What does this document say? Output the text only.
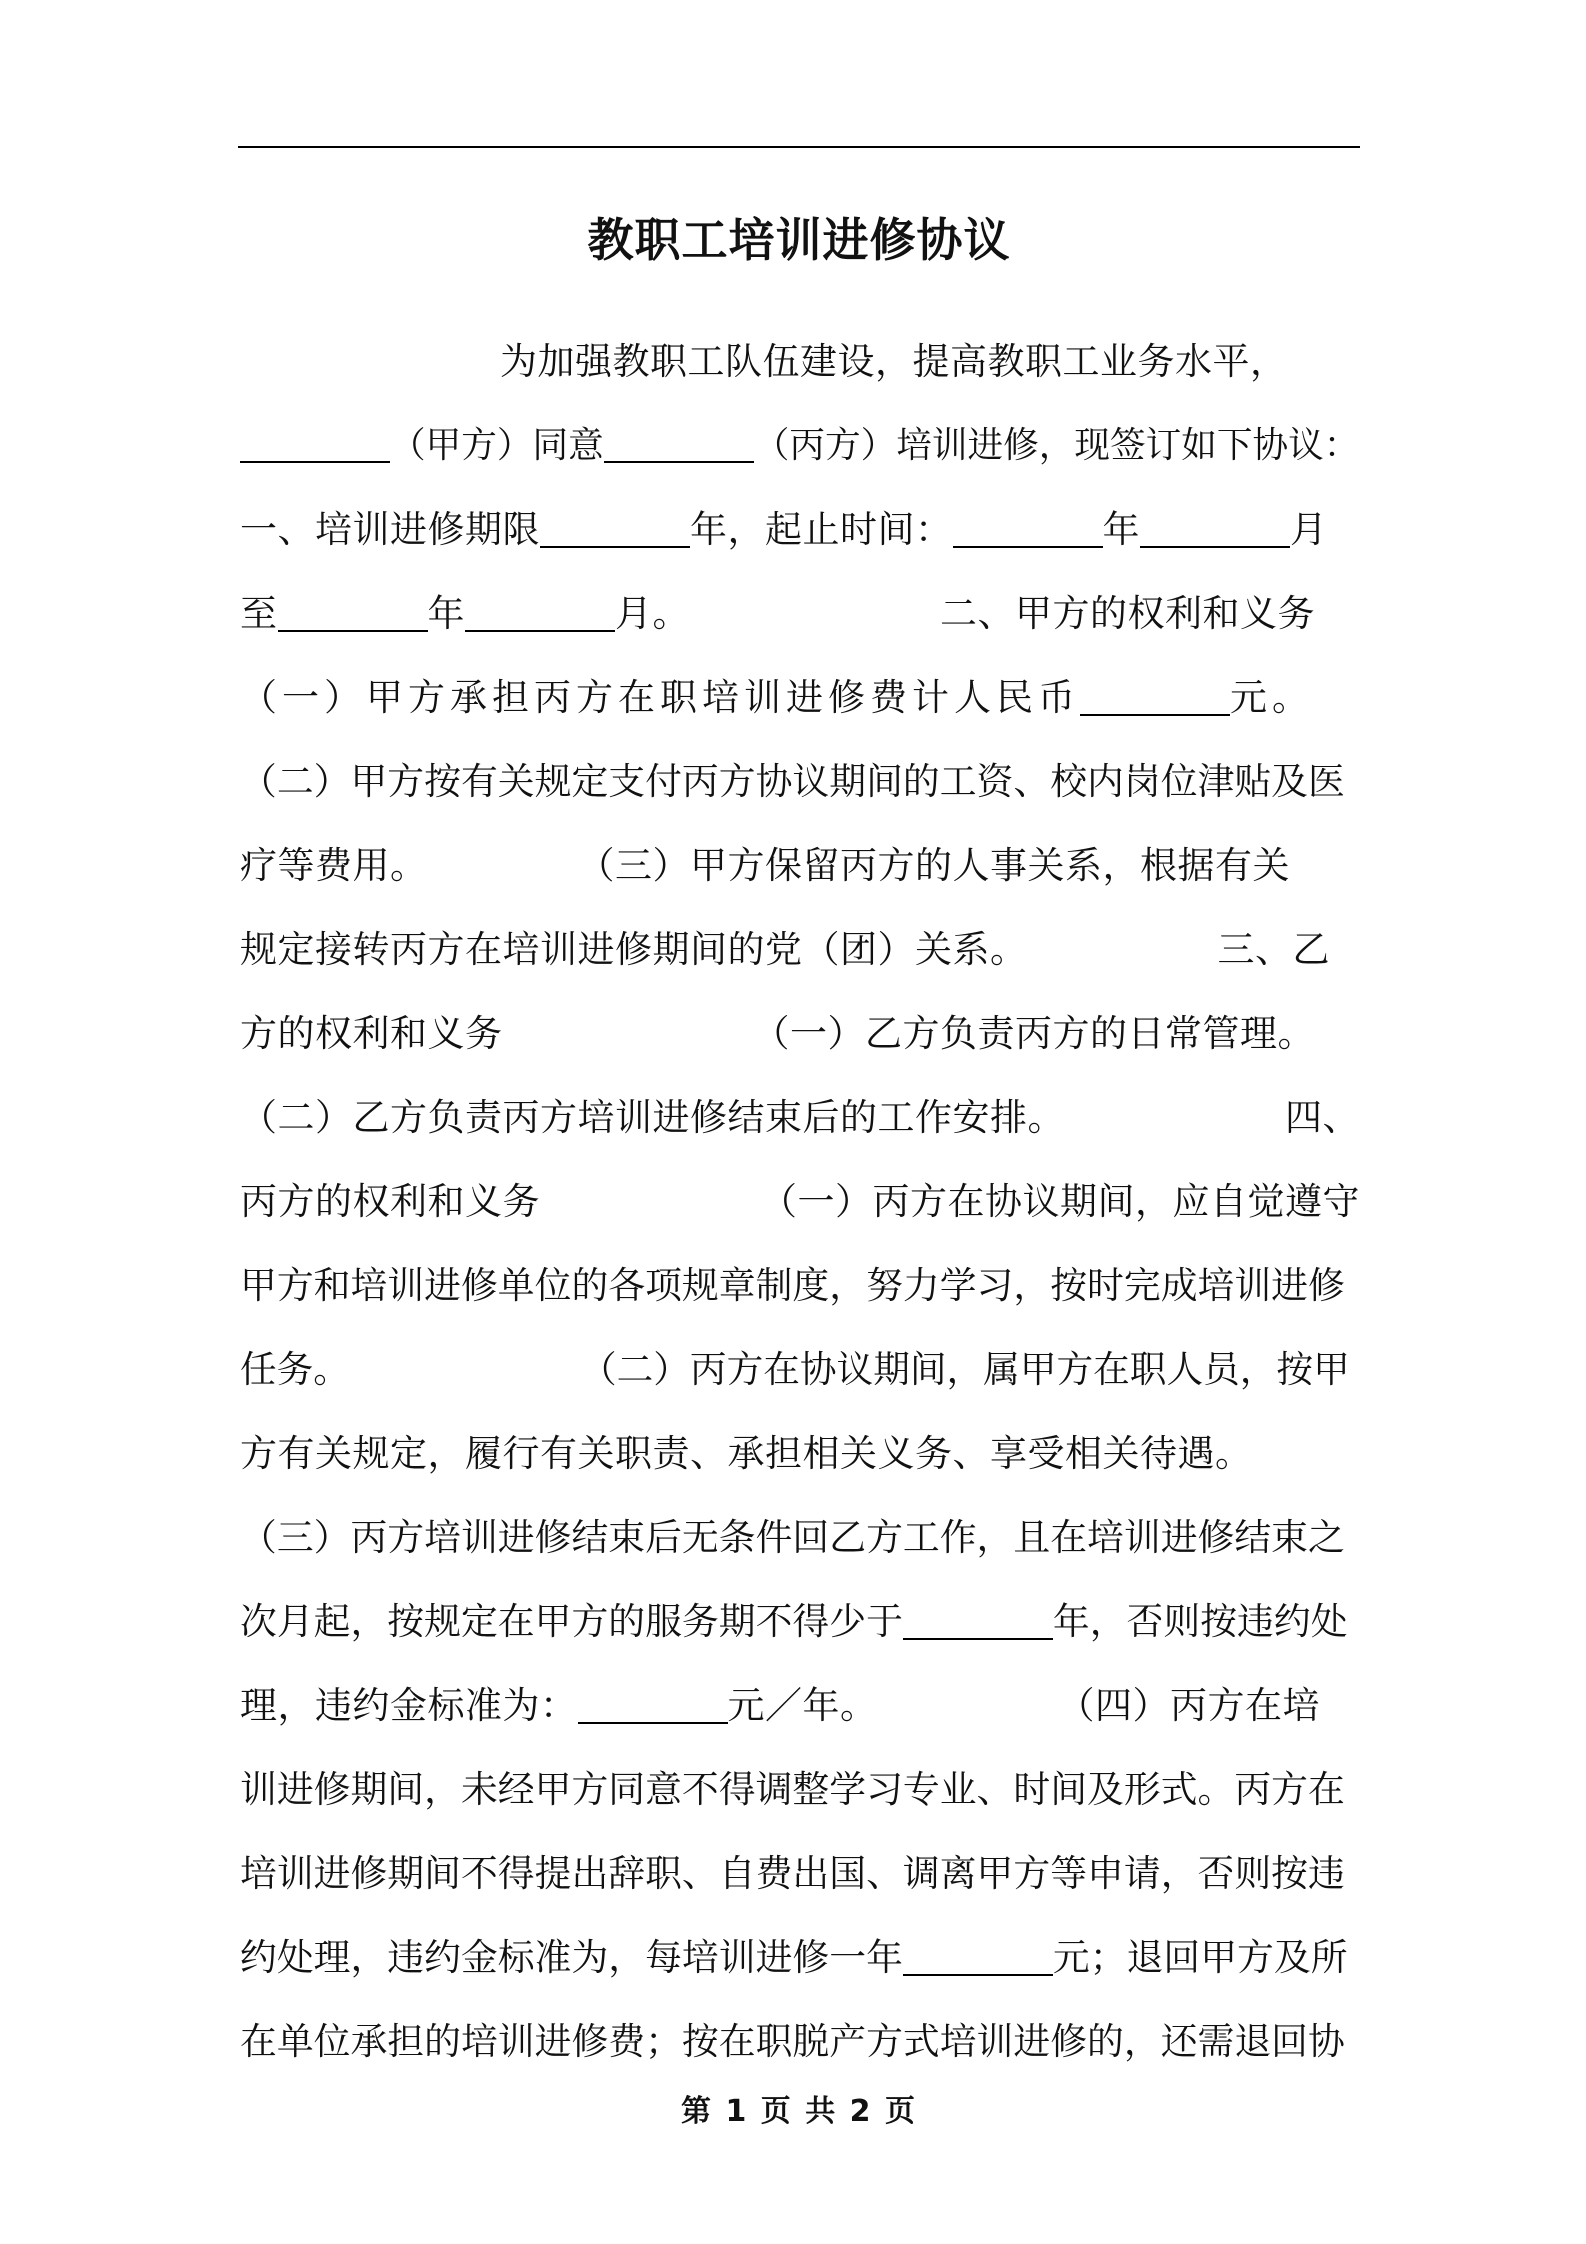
教职工培训进修协议
为加强教职工队伍建设，提高教职工业务水平，
（甲方）同意	（丙方）培训进修，现签订如下协议：
一、培训进修期限	年，起止时间：	年	月
至	年	月。	二、甲方的权利和义务
（一）甲方承担丙方在职培训进修费计人民币	元。
（二）甲方按有关规定支付丙方协议期间的工资、校内岗位津贴及医
疗等费用。	（三）甲方保留丙方的人事关系，根据有关
规定接转丙方在培训进修期间的党（团）关系。	三、乙
方的权利和义务	（一）乙方负责丙方的日常管理。
（二）乙方负责丙方培训进修结束后的工作安排。	四、
丙方的权利和义务	（一）丙方在协议期间，应自觉遵守
甲方和培训进修单位的各项规章制度，努力学习，按时完成培训进修
任务。	（二）丙方在协议期间，属甲方在职人员，按甲
方有关规定，履行有关职责、承担相关义务、享受相关待遇。
（三）丙方培训进修结束后无条件回乙方工作，且在培训进修结束之
次月起，按规定在甲方的服务期不得少于	年，否则按违约处
理，违约金标准为：	元／年。	（四）丙方在培
训进修期间，未经甲方同意不得调整学习专业、时间及形式。丙方在
培训进修期间不得提出辞职、自费出国、调离甲方等申请，否则按违
约处理，违约金标准为，每培训进修一年	元；退回甲方及所
在单位承担的培训进修费；按在职脱产方式培训进修的，还需退回协
第 1 页 共 2 页
